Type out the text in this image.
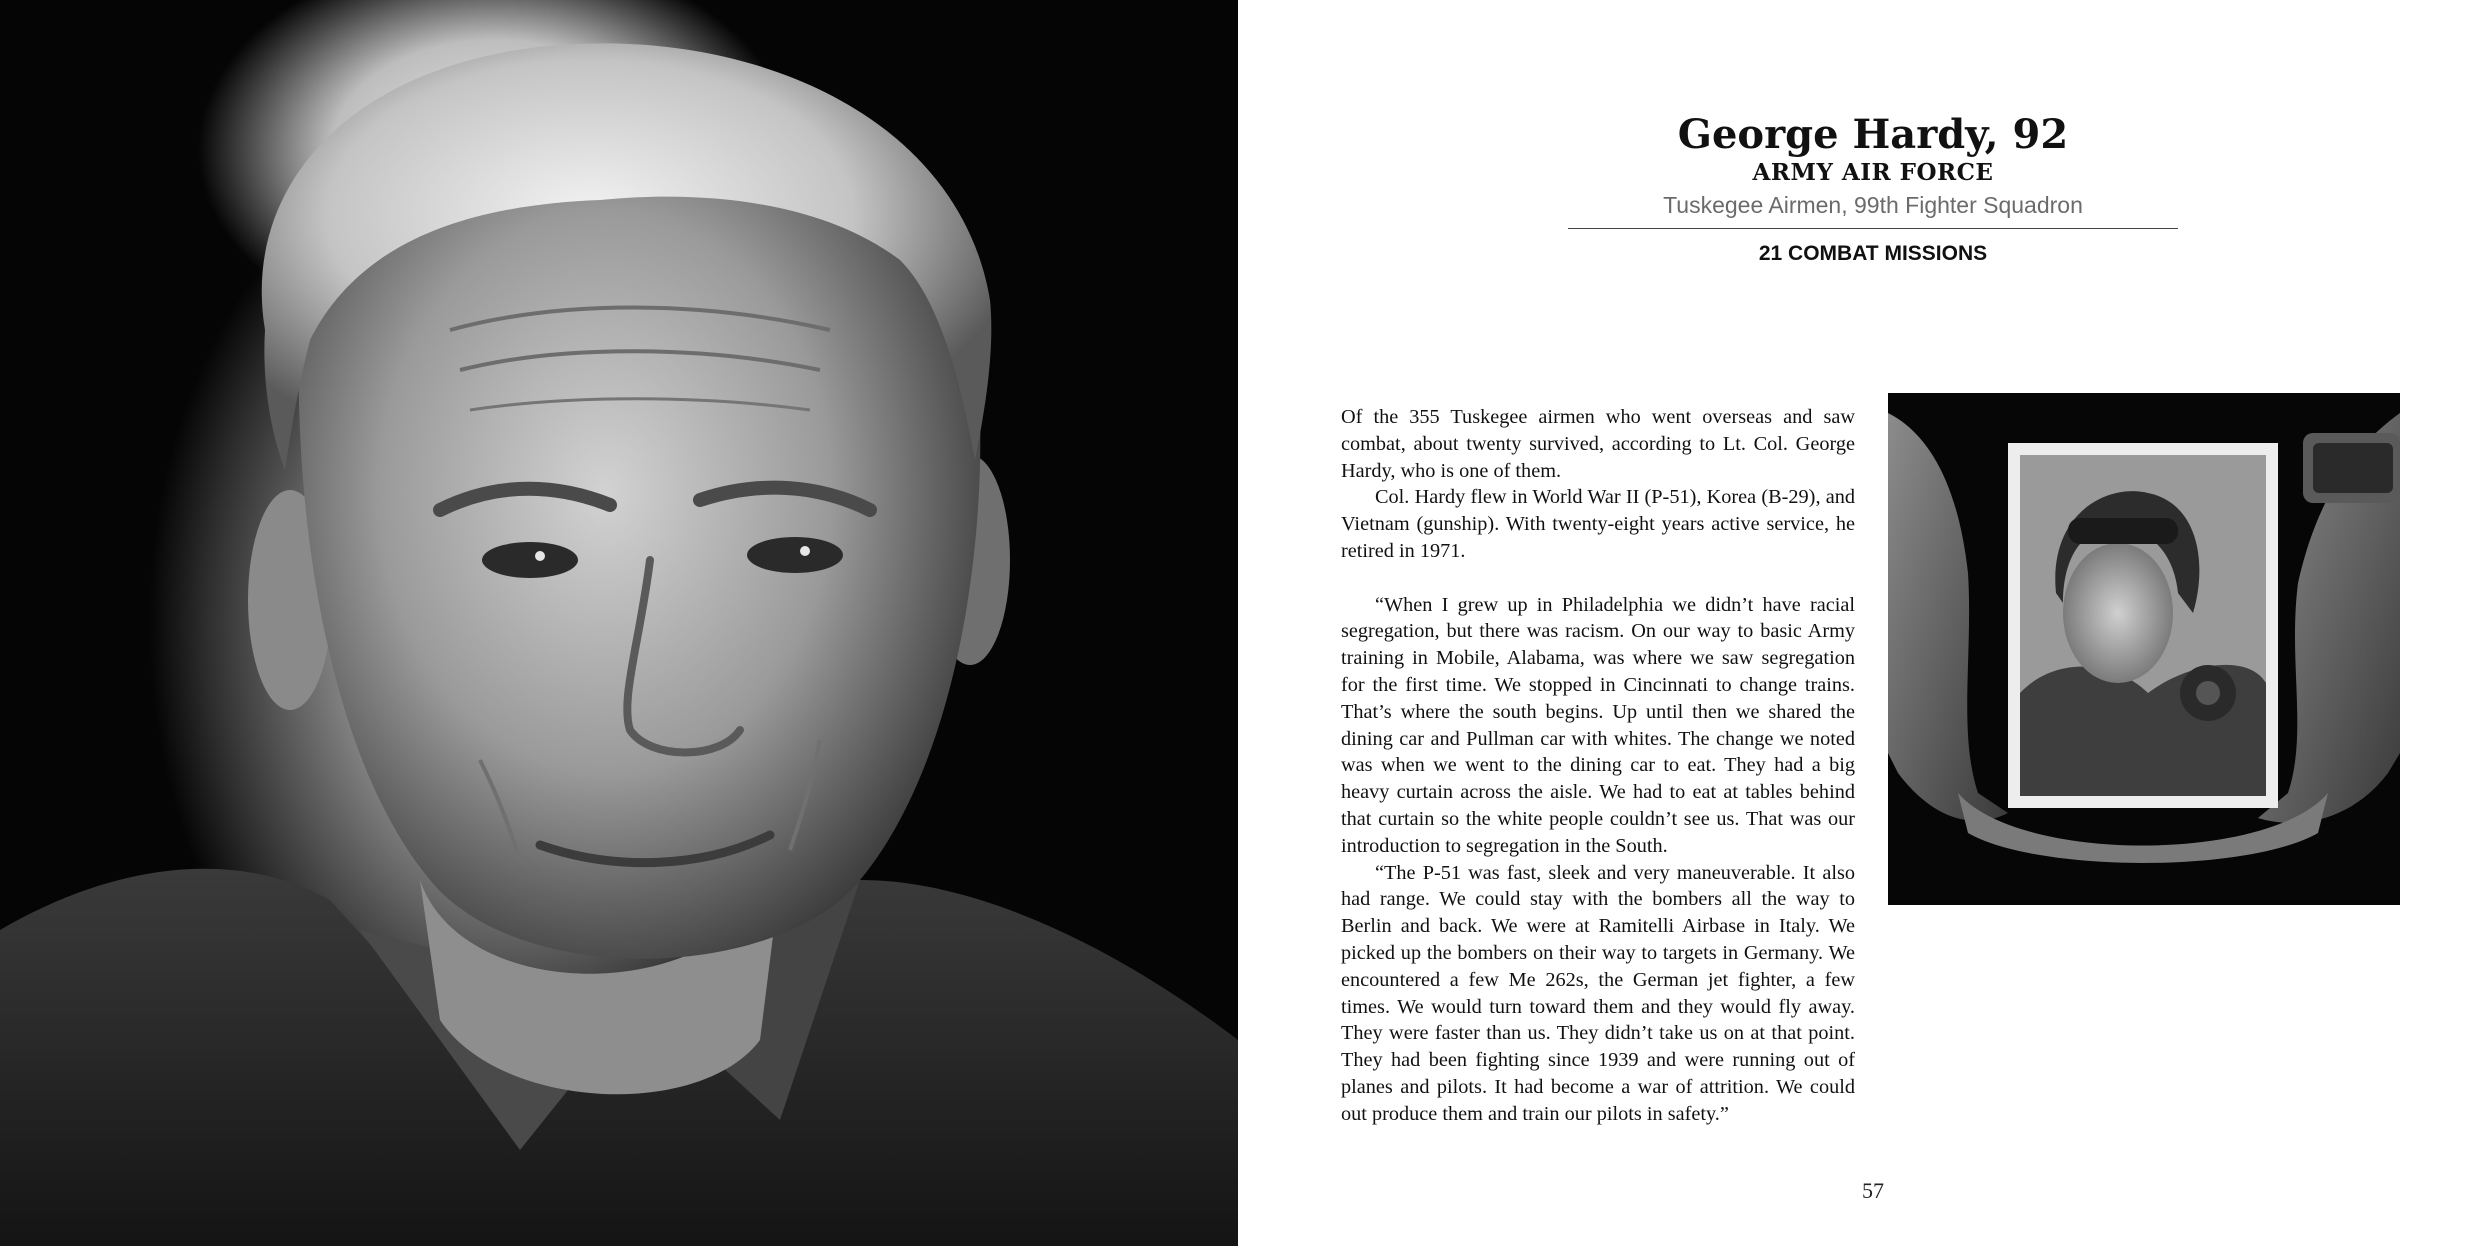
George Hardy, 92

ARMY AIR FORCE

Tuskegee Airmen, 99th Fighter Squadron

21 COMBAT MISSIONS

Of the 355 Tuskegee airmen who went overseas and saw combat, about twenty survived, according to Lt. Col. George Hardy, who is one of them.

Col. Hardy flew in World War II (P-51), Korea (B-29), and Vietnam (gunship). With twenty-eight years active service, he retired in 1971.

“When I grew up in Philadelphia we didn’t have racial segregation, but there was racism. On our way to basic Army training in Mobile, Alabama, was where we saw segregation for the first time. We stopped in Cincinnati to change trains. That’s where the south begins. Up until then we shared the dining car and Pullman car with whites. The change we noted was when we went to the dining car to eat. They had a big heavy curtain across the aisle. We had to eat at tables behind that curtain so the white people couldn’t see us. That was our introduction to segregation in the South.

“The P-51 was fast, sleek and very maneuverable. It also had range. We could stay with the bombers all the way to Berlin and back. We were at Ramitelli Airbase in Italy. We picked up the bombers on their way to targets in Germany. We encountered a few Me 262s, the German jet fighter, a few times. We would turn toward them and they would fly away. They were faster than us. They didn’t take us on at that point. They had been fighting since 1939 and were running out of planes and pilots. It had become a war of attrition. We could out produce them and train our pilots in safety.”

57
